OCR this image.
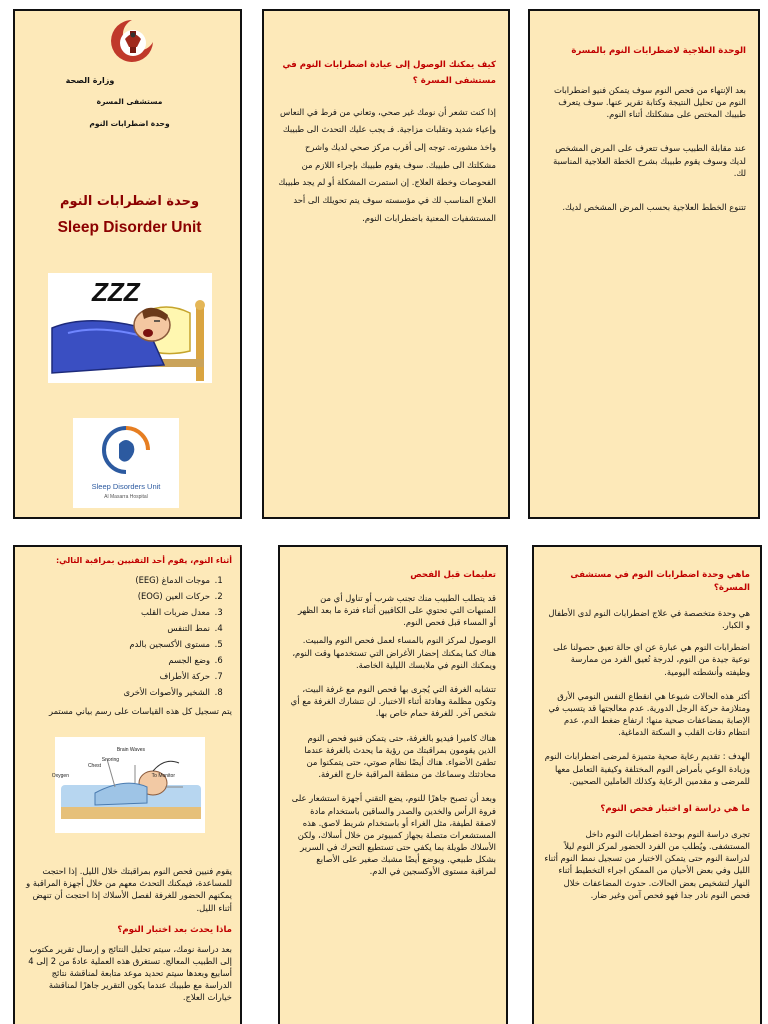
وزارة الصحة
مستشفى المسرة
وحدة اضطرابات النوم
وحدة اضطرابات النوم
Sleep Disorder Unit
ZZZ
Sleep Disorders Unit
Al Masarra Hospital

كيف يمكنك الوصول إلى عيادة اضطرابات النوم في مستشفى المسرة ؟

إذا كنت تشعر أن نومك غير صحي، وتعاني من فرط في النعاس وإعياء شديد وتقلبات مزاجية. فـ يجب عليك التحدث الى طبيبك واخذ مشورته. توجه إلى أقرب مركز صحي لديك واشرح مشكلتك الى طبيبك. سوف يقوم طبيبك بإجراء اللازم من الفحوصات وخطة العلاج. إن استمرت المشكلة أو لم يجد طبيبك العلاج المناسب لك في مؤسسته سوف يتم تحويلك الى أحد المستشفيات المعنية باضطرابات النوم.

الوحدة العلاجية لاضطرابات النوم بالمسرة

بعد الإنتهاء من فحص النوم سوف يتمكن فنيو اضطرابات النوم من تحليل النتيجة وكتابة تقرير عنها. سوف يتعرف طبيبك المختص على مشكلتك أثناء النوم.

عند مقابلة الطبيب سوف تتعرف على المرض المشخص لديك وسوف يقوم طبيبك بشرح الخطة العلاجية المناسبة لك.

تتنوع الخطط العلاجية بحسب المرض المشخص لديك.

أثناء النوم، يقوم أحد التقنيين بمراقبة التالي:

1. موجات الدماغ (EEG)
2. حركات العين (EOG)
3. معدل ضربات القلب
4. نمط التنفس
5. مستوى الأكسجين بالدم
6. وضع الجسم
7. حركة الأطراف
8. الشخير والأصوات الأخرى

يتم تسجيل كل هذه القياسات على رسم بياني مستمر

Brain Waves
Snoring
Oxygen
Chest
To Monitor

يقوم فنيين فحص النوم بمراقبتك خلال الليل. إذا احتجت للمساعدة، فيمكنك التحدث معهم من خلال أجهزة المراقبة و يمكنهم الحضور للغرفة لفصل الأسلاك إذا احتجت أن تنهض أثناء الليل.

ماذا يحدث بعد اختبار النوم؟

بعد دراسة نومك، سيتم تحليل النتائج و إرسال تقرير مكتوب إلى الطبيب المعالج. تستغرق هذه العملية عادةً من 2 إلى 4 أسابيع وبعدها سيتم تحديد موعد متابعة لمناقشة نتائج الدراسة مع طبيبك عندما يكون التقرير جاهزًا لمناقشة خيارات العلاج.

تعليمات قبل الفحص

قد يتطلب الطبيب منك تجنب شرب أو تناول أي من المنبهات التي تحتوي على الكافيين أثناء فترة ما بعد الظهر أو المساء قبل فحص النوم.

الوصول لمركز النوم بالمساء لعمل فحص النوم والمبيت. هناك كما يمكنك إحضار الأغراض التي تستخدمها وقت النوم، ويمكنك النوم في ملابسك الليلية الخاصة.

تتشابه الغرفة التي يُجرى بها فحص النوم مع غرفة البيت، وتكون مظلمة وهادئة أثناء الاختبار. لن تتشارك الغرفة مع أي شخص آخر. للغرفة حمام خاص بها.

هناك كاميرا فيديو بالغرفة، حتى يتمكن فنيو فحص النوم الذين يقومون بمراقبتك من رؤية ما يحدث بالغرفة عندما تطفئ الأضواء. هناك أيضًا نظام صوتي، حتى يتمكنوا من محادثتك وسماعك من منطقة المراقبة خارج الغرفة.

وبعد أن تصبح جاهزًا للنوم، يضع التقني أجهزة استشعار على فروة الرأس والخدين والصدر والساقين باستخدام مادة لاصقة لطيفة، مثل الغراء أو باستخدام شريط لاصق. هذه المستشعرات متصلة بجهاز كمبيوتر من خلال أسلاك، ولكن الأسلاك طويلة بما يكفي حتى تستطيع التحرك في السرير بشكل طبيعي. ويوضع أيضًا مشبك صغير على الأصابع لمراقبة مستوى الأوكسجين في الدم.

ماهي وحدة اضطرابات النوم في مستشفى المسرة؟

هي وحدة متخصصة في علاج اضطرابات النوم لدى الأطفال و الكبار.

اضطرابات النوم هي عبارة عن اي حالة تعيق حصولنا على نوعية جيدة من النوم، لدرجة تُعيق الفرد من ممارسة وظيفته وأنشطته اليومية.

أكثر هذه الحالات شيوعا هي انقطاع النفس النومي الأرق ومتلازمة حركة الرجل الدورية. عدم معالجتها قد يتسبب في الإصابة بمضاعفات صحية منها: ارتفاع ضغط الدم، عدم انتظام دقات القلب و السكتة الدماغية.

الهدف : تقديم رعاية صحية متميزة لمرضى اضطرابات النوم وزيادة الوعي بأمراض النوم المختلفة وكيفية التعامل معها للمرضى و مقدمين الرعاية وكذلك العاملين الصحيين.

ما هي دراسة او اختبار فحص النوم؟

تجرى دراسة النوم بوحدة اضطرابات النوم داخل المستشفى. ويُطلب من الفرد الحضور لمركز النوم ليلاً لدراسة النوم حتى يتمكن الاختبار من تسجيل نمط النوم أثناء الليل وفي بعض الأحيان من الممكن اجراء التخطيط أثناء النهار لتشخيص بعض الحالات. حدوث المضاعفات خلال فحص النوم نادر جدا فهو فحص آمن وغير ضار.
